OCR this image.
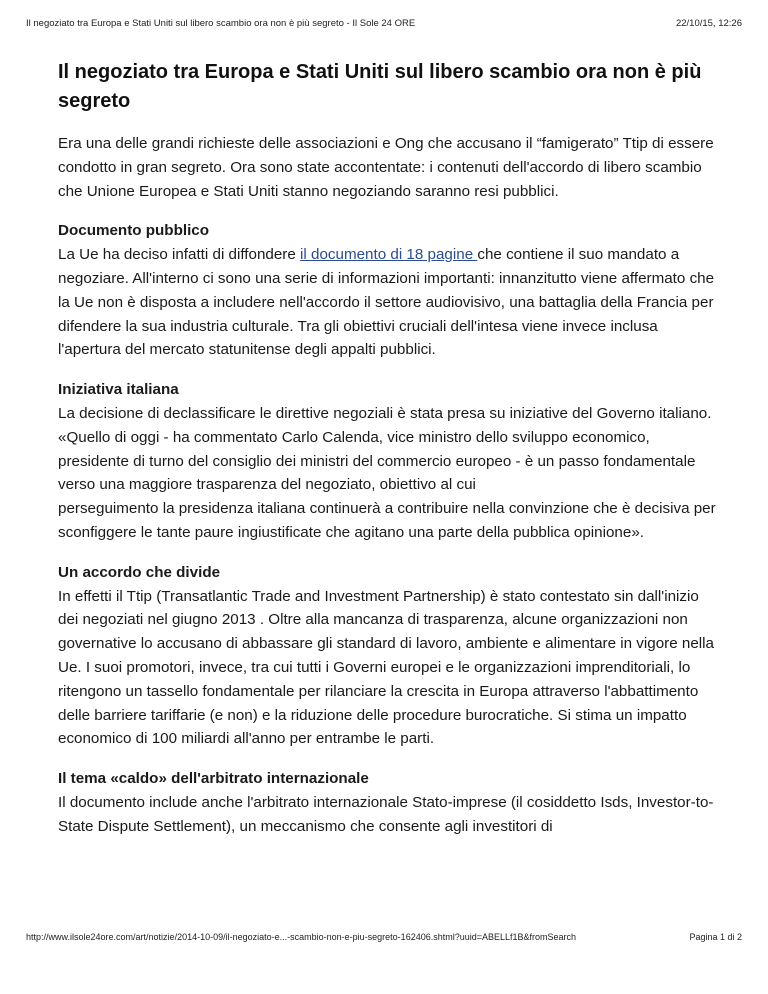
Il negoziato tra Europa e Stati Uniti sul libero scambio ora non è più segreto - Il Sole 24 ORE	22/10/15, 12:26
Il negoziato tra Europa e Stati Uniti sul libero scambio ora non è più segreto

Era una delle grandi richieste delle associazioni e Ong che accusano il “famigerato” Ttip di essere condotto in gran segreto. Ora sono state accontentate: i contenuti dell'accordo di libero scambio che Unione Europea e Stati Uniti stanno negoziando saranno resi pubblici.

Documento pubblico
La Ue ha deciso infatti di diffondere il documento di 18 pagine che contiene il suo mandato a negoziare. All'interno ci sono una serie di informazioni importanti: innanzitutto viene affermato che la Ue non è disposta a includere nell'accordo il settore audiovisivo, una battaglia della Francia per difendere la sua industria culturale. Tra gli obiettivi cruciali dell'intesa viene invece inclusa l'apertura del mercato statunitense degli appalti pubblici.

Iniziativa italiana
La decisione di declassificare le direttive negoziali è stata presa su iniziative del Governo italiano. «Quello di oggi - ha commentato Carlo Calenda, vice ministro dello sviluppo economico, presidente di turno del consiglio dei ministri del commercio europeo - è un passo fondamentale verso una maggiore trasparenza del negoziato, obiettivo al cui
perseguimento la presidenza italiana continuerà a contribuire nella convinzione che è decisiva per sconfiggere le tante paure ingiustificate che agitano una parte della pubblica opinione».

Un accordo che divide
In effetti il Ttip (Transatlantic Trade and Investment Partnership) è stato contestato sin dall'inizio dei negoziati nel giugno 2013 . Oltre alla mancanza di trasparenza, alcune organizzazioni non governative lo accusano di abbassare gli standard di lavoro, ambiente e alimentare in vigore nella Ue. I suoi promotori, invece, tra cui tutti i Governi europei e le organizzazioni imprenditoriali, lo ritengono un tassello fondamentale per rilanciare la crescita in Europa attraverso l'abbattimento delle barriere tariffarie (e non) e la riduzione delle procedure burocratiche. Si stima un impatto economico di 100 miliardi all'anno per entrambe le parti.

Il tema «caldo» dell'arbitrato internazionale
Il documento include anche l'arbitrato internazionale Stato-imprese (il cosiddetto Isds, Investor-to-State Dispute Settlement), un meccanismo che consente agli investitori di

http://www.ilsole24ore.com/art/notizie/2014-10-09/il-negoziato-e...-scambio-non-e-piu-segreto-162406.shtml?uuid=ABELLf1B&fromSearch	Pagina 1 di 2
